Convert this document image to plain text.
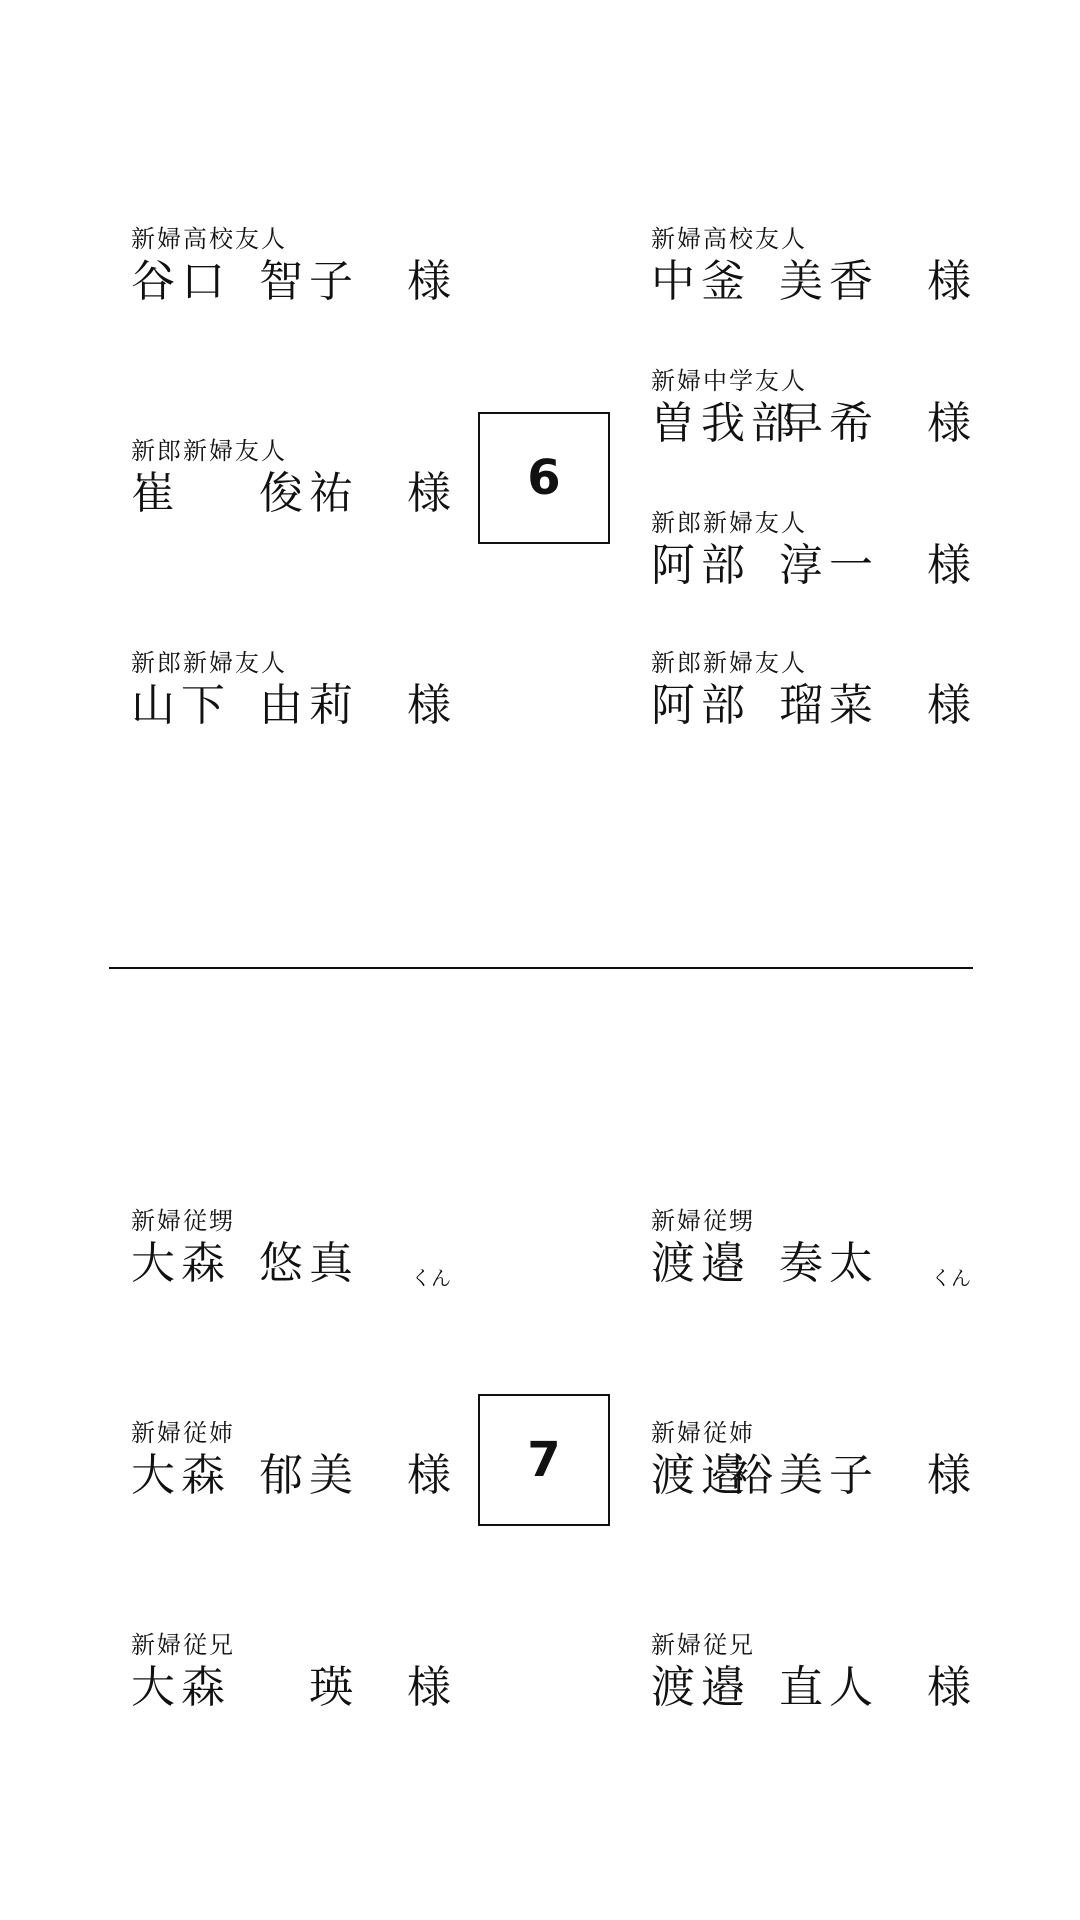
新婦高校友人
谷口 智子 様
新郎新婦友人
崔 俊祐 様
新郎新婦友人
山下 由莉 様
6
新婦高校友人
中釜 美香 様
新婦中学友人
曽我部
早希 様
新郎新婦友人
阿部 淳一 様
新郎新婦友人
阿部 瑠菜 様
新婦従甥
大森 悠真	くん
新婦従姉
大森 郁美 様
新婦従兄
大森 瑛 様
7
新婦従甥
渡邉 奏太	くん
新婦従姉
渡邉
裕美子 様
新婦従兄
渡邉 直人 様
